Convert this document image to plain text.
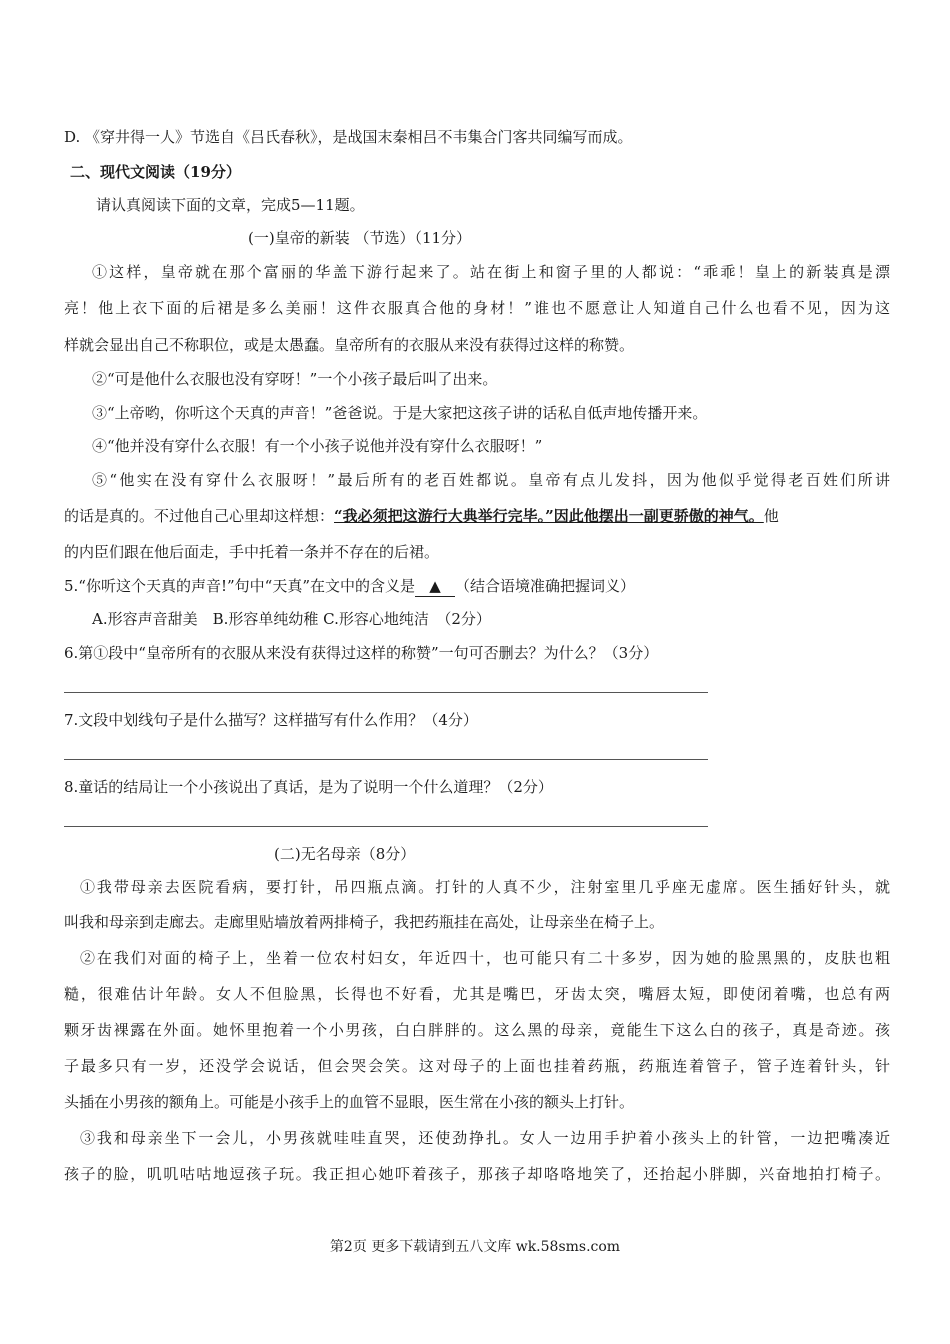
D. 《穿井得一人》节选自《吕氏春秋》，是战国末秦相吕不韦集合门客共同编写而成。
二、现代文阅读（19分）
请认真阅读下面的文章，完成5—11题。
(一)皇帝的新装 （节选）（11分）
①这样，皇帝就在那个富丽的华盖下游行起来了。站在街上和窗子里的人都说：“乖乖！皇上的新装真是漂
亮！他上衣下面的后裙是多么美丽！这件衣服真合他的身材！”谁也不愿意让人知道自己什么也看不见，因为这
样就会显出自己不称职位，或是太愚蠢。皇帝所有的衣服从来没有获得过这样的称赞。
②“可是他什么衣服也没有穿呀！”一个小孩子最后叫了出来。
③“上帝哟，你听这个天真的声音！”爸爸说。于是大家把这孩子讲的话私自低声地传播开来。
④“他并没有穿什么衣服！有一个小孩子说他并没有穿什么衣服呀！”
⑤“他实在没有穿什么衣服呀！”最后所有的老百姓都说。皇帝有点儿发抖，因为他似乎觉得老百姓们所讲
的话是真的。不过他自己心里却这样想：“我必须把这游行大典举行完毕。”因此他摆出一副更骄傲的神气。他
的内臣们跟在他后面走，手中托着一条并不存在的后裙。
5.“你听这个天真的声音!”句中“天真”在文中的含义是 ▲ （结合语境准确把握词义）
A.形容声音甜美　B.形容单纯幼稚 C.形容心地纯洁　（2分）
6.第①段中“皇帝所有的衣服从来没有获得过这样的称赞”一句可否删去？为什么？（3分）
7.文段中划线句子是什么描写？这样描写有什么作用？（4分）
8.童话的结局让一个小孩说出了真话，是为了说明一个什么道理？（2分）
(二)无名母亲（8分）
①我带母亲去医院看病，要打针，吊四瓶点滴。打针的人真不少，注射室里几乎座无虚席。医生插好针头，就
叫我和母亲到走廊去。走廊里贴墙放着两排椅子，我把药瓶挂在高处，让母亲坐在椅子上。
②在我们对面的椅子上，坐着一位农村妇女，年近四十，也可能只有二十多岁，因为她的脸黑黑的，皮肤也粗
糙，很难估计年龄。女人不但脸黑，长得也不好看，尤其是嘴巴，牙齿太突，嘴唇太短，即使闭着嘴，也总有两
颗牙齿裸露在外面。她怀里抱着一个小男孩，白白胖胖的。这么黑的母亲，竟能生下这么白的孩子，真是奇迹。孩
子最多只有一岁，还没学会说话，但会哭会笑。这对母子的上面也挂着药瓶，药瓶连着管子，管子连着针头，针
头插在小男孩的额角上。可能是小孩手上的血管不显眼，医生常在小孩的额头上打针。
③我和母亲坐下一会儿，小男孩就哇哇直哭，还使劲挣扎。女人一边用手护着小孩头上的针管，一边把嘴凑近
孩子的脸，叽叽咕咕地逗孩子玩。我正担心她吓着孩子，那孩子却咯咯地笑了，还抬起小胖脚，兴奋地拍打椅子。
第2页 更多下载请到五八文库 wk.58sms.com
